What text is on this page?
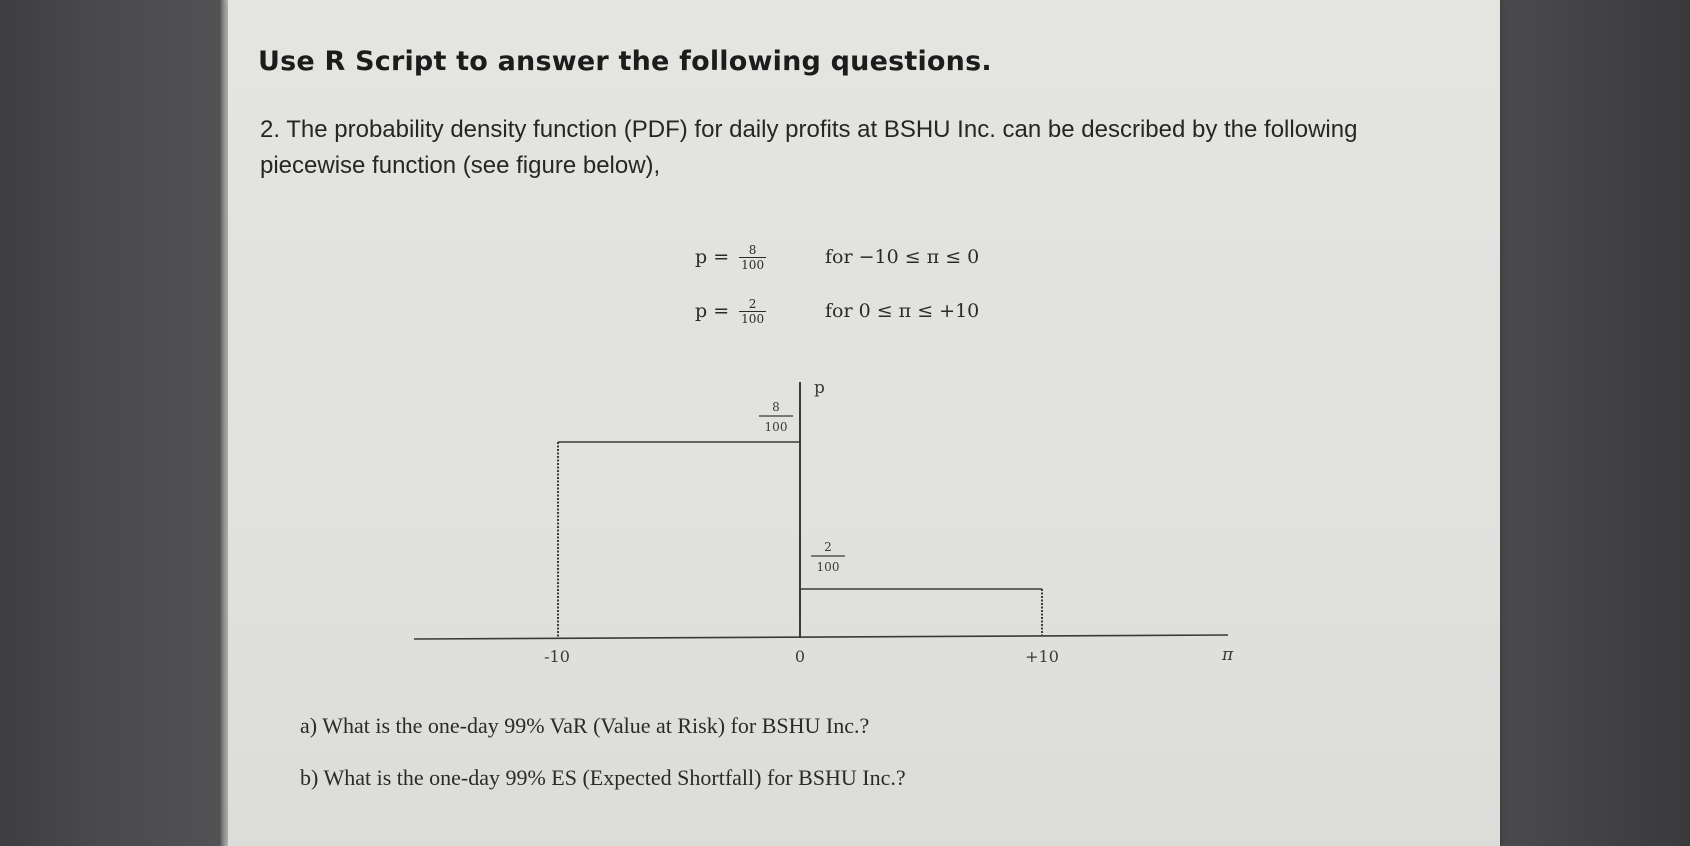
Use R Script to answer the following questions.
2. The probability density function (PDF) for daily profits at BSHU Inc. can be described by the following
piecewise function (see figure below),
$p = \frac{8}{100}$	for −10 ≤ π ≤ 0
$p = \frac{2}{100}$	for 0 ≤ π ≤ +10
p
π
8
100
2
100
-10	0	+10
a) What is the one-day 99% VaR (Value at Risk) for BSHU Inc.?
b) What is the one-day 99% ES (Expected Shortfall) for BSHU Inc.?
